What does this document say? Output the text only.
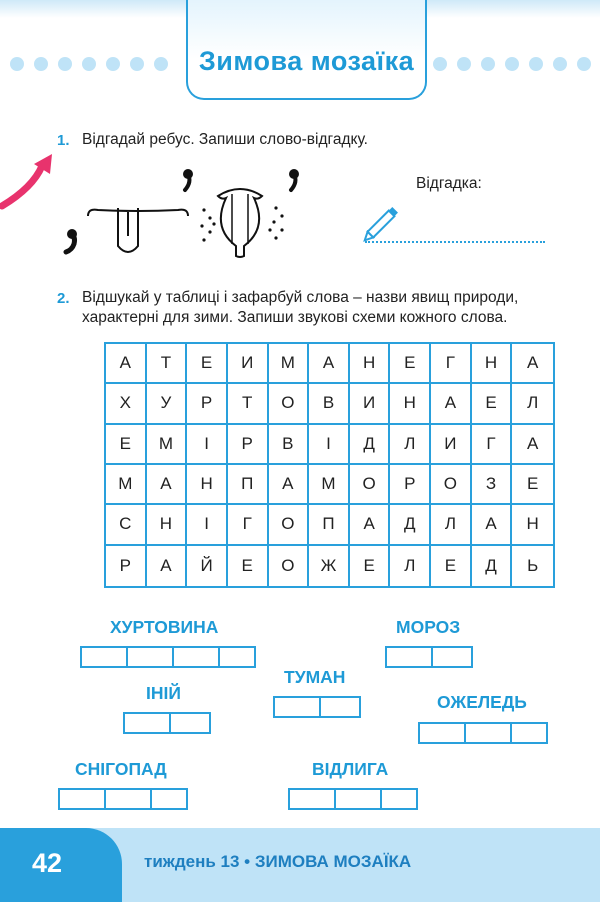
Зимова мозаїка
1. Відгадай ребус. Запиши слово-відгадку.
Відгадка:
2. Відшукай у таблиці і зафарбуй слова – назви явищ природи,
характерні для зими. Запиши звукові схеми кожного слова.
А	Т	Е	И	М	А	Н	Е	Г	Н	А
Х	У	Р	Т	О	В	И	Н	А	Е	Л
Е	М	І	Р	В	І	Д	Л	И	Г	А
М	А	Н	П	А	М	О	Р	О	З	Е
С	Н	І	Г	О	П	А	Д	Л	А	Н
Р	А	Й	Е	О	Ж	Е	Л	Е	Д	Ь
ХУРТОВИНА	МОРОЗ
ТУМАН
ІНІЙ	ОЖЕЛЕДЬ
СНІГОПАД	ВІДЛИГА
42	тиждень 13 • ЗИМОВА МОЗАЇКА
